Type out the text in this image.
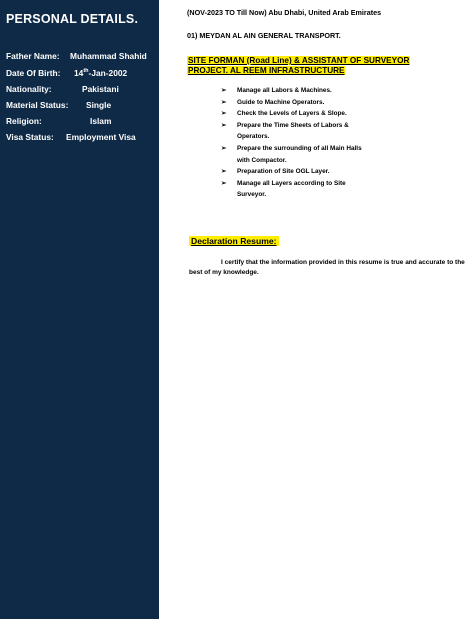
PERSONAL DETAILS.
Father Name: Muhammad Shahid
Date Of Birth: 14th-Jan-2002
Nationality:	Pakistani
Material Status: Single
Religion:	Islam
Visa Status: Employment Visa
(NOV-2023 TO Till Now) Abu Dhabi, United Arab Emirates
01) MEYDAN AL AIN GENERAL TRANSPORT.
SITE FORMAN (Road Line) & ASSISTANT OF SURVEYOR
PROJECT. AL REEM INFRASTRUCTURE
➢ Manage all Labors & Machines.
➢ Guide to Machine Operators.
➢ Check the Levels of Layers & Slope.
➢ Prepare the Time Sheets of Labors &
Operators.
➢ Prepare the surrounding of all Main Halls
with Compactor.
➢ Preparation of Site OGL Layer.
➢ Manage all Layers according to Site
Surveyor.
Declaration Resume:

I certify that the information provided in this resume is true and accurate to the best of my knowledge.
